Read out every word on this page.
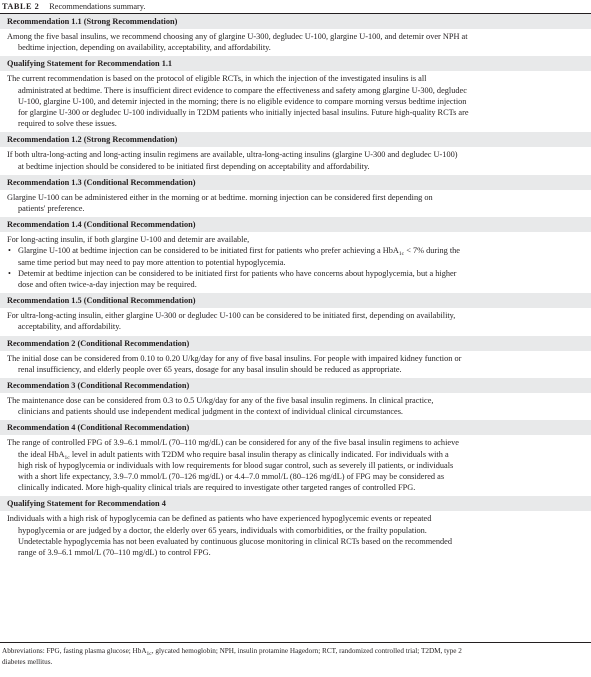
TABLE 2 Recommendations summary.
Recommendation 1.1 (Strong Recommendation)
Among the five basal insulins, we recommend choosing any of glargine U-300, degludec U-100, glargine U-100, and detemir over NPH at
bedtime injection, depending on availability, acceptability, and affordability.
Qualifying Statement for Recommendation 1.1
The current recommendation is based on the protocol of eligible RCTs, in which the injection of the investigated insulins is all
administrated at bedtime. There is insufficient direct evidence to compare the effectiveness and safety among glargine U-300, degludec
U-100, glargine U-100, and detemir injected in the morning; there is no eligible evidence to compare morning versus bedtime injection
for glargine U-300 or degludec U-100 individually in T2DM patients who initially injected basal insulins. Future high-quality RCTs are
required to solve these issues.
Recommendation 1.2 (Strong Recommendation)
If both ultra-long-acting and long-acting insulin regimens are available, ultra-long-acting insulins (glargine U-300 and degludec U-100)
at bedtime injection should be considered to be initiated first depending on acceptability and affordability.
Recommendation 1.3 (Conditional Recommendation)
Glargine U-100 can be administered either in the morning or at bedtime. morning injection can be considered first depending on
patients' preference.
Recommendation 1.4 (Conditional Recommendation)
For long-acting insulin, if both glargine U-100 and detemir are available,
• Glargine U-100 at bedtime injection can be considered to be initiated first for patients who prefer achieving a HbA$_{1c}$ < 7% during the
same time period but may need to pay more attention to potential hypoglycemia.
• Detemir at bedtime injection can be considered to be initiated first for patients who have concerns about hypoglycemia, but a higher
dose and often twice-a-day injection may be required.
Recommendation 1.5 (Conditional Recommendation)
For ultra-long-acting insulin, either glargine U-300 or degludec U-100 can be considered to be initiated first, depending on availability,
acceptability, and affordability.
Recommendation 2 (Conditional Recommendation)
The initial dose can be considered from 0.10 to 0.20 U/kg/day for any of five basal insulins. For people with impaired kidney function or
renal insufficiency, and elderly people over 65 years, dosage for any basal insulin should be reduced as appropriate.
Recommendation 3 (Conditional Recommendation)
The maintenance dose can be considered from 0.3 to 0.5 U/kg/day for any of the five basal insulin regimens. In clinical practice,
clinicians and patients should use independent medical judgment in the context of individual clinical circumstances.
Recommendation 4 (Conditional Recommendation)
The range of controlled FPG of 3.9–6.1 mmol/L (70–110 mg/dL) can be considered for any of the five basal insulin regimens to achieve
the ideal HbA$_{1c}$ level in adult patients with T2DM who require basal insulin therapy as clinically indicated. For individuals with a
high risk of hypoglycemia or individuals with low requirements for blood sugar control, such as severely ill patients, or individuals
with a short life expectancy, 3.9–7.0 mmol/L (70–126 mg/dL) or 4.4–7.0 mmol/L (80–126 mg/dL) of FPG may be considered as
clinically indicated. More high-quality clinical trials are required to investigate other targeted ranges of controlled FPG.
Qualifying Statement for Recommendation 4
Individuals with a high risk of hypoglycemia can be defined as patients who have experienced hypoglycemic events or repeated
hypoglycemia or are judged by a doctor, the elderly over 65 years, individuals with comorbidities, or the frailty population.
Undetectable hypoglycemia has not been evaluated by continuous glucose monitoring in clinical RCTs based on the recommended
range of 3.9–6.1 mmol/L (70–110 mg/dL) to control FPG.
Abbreviations: FPG, fasting plasma glucose; HbA$_{1c}$, glycated hemoglobin; NPH, insulin protamine Hagedorn; RCT, randomized controlled trial; T2DM, type 2
diabetes mellitus.
